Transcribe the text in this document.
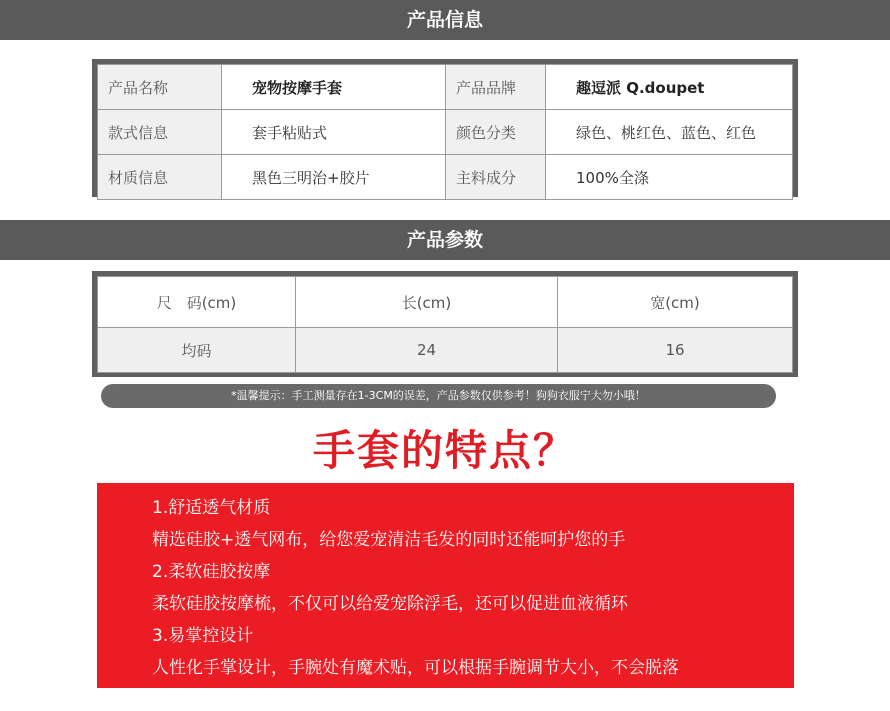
产品信息
产品名称	宠物按摩手套	产品品牌	趣逗派 Q.doupet
款式信息	套手粘贴式	颜色分类	绿色、桃红色、蓝色、红色
材质信息	黑色三明治+胶片	主料成分	100%全涤
产品参数
尺　码(cm)	长(cm)	宽(cm)
均码	24	16
*温馨提示：手工测量存在1-3CM的误差，产品参数仅供参考！狗狗衣服宁大勿小哦！
手套的特点？
1.舒适透气材质
精选硅胶+透气网布，给您爱宠清洁毛发的同时还能呵护您的手
2.柔软硅胶按摩
柔软硅胶按摩梳，不仅可以给爱宠除浮毛，还可以促进血液循环
3.易掌控设计
人性化手掌设计，手腕处有魔术贴，可以根据手腕调节大小，不会脱落
